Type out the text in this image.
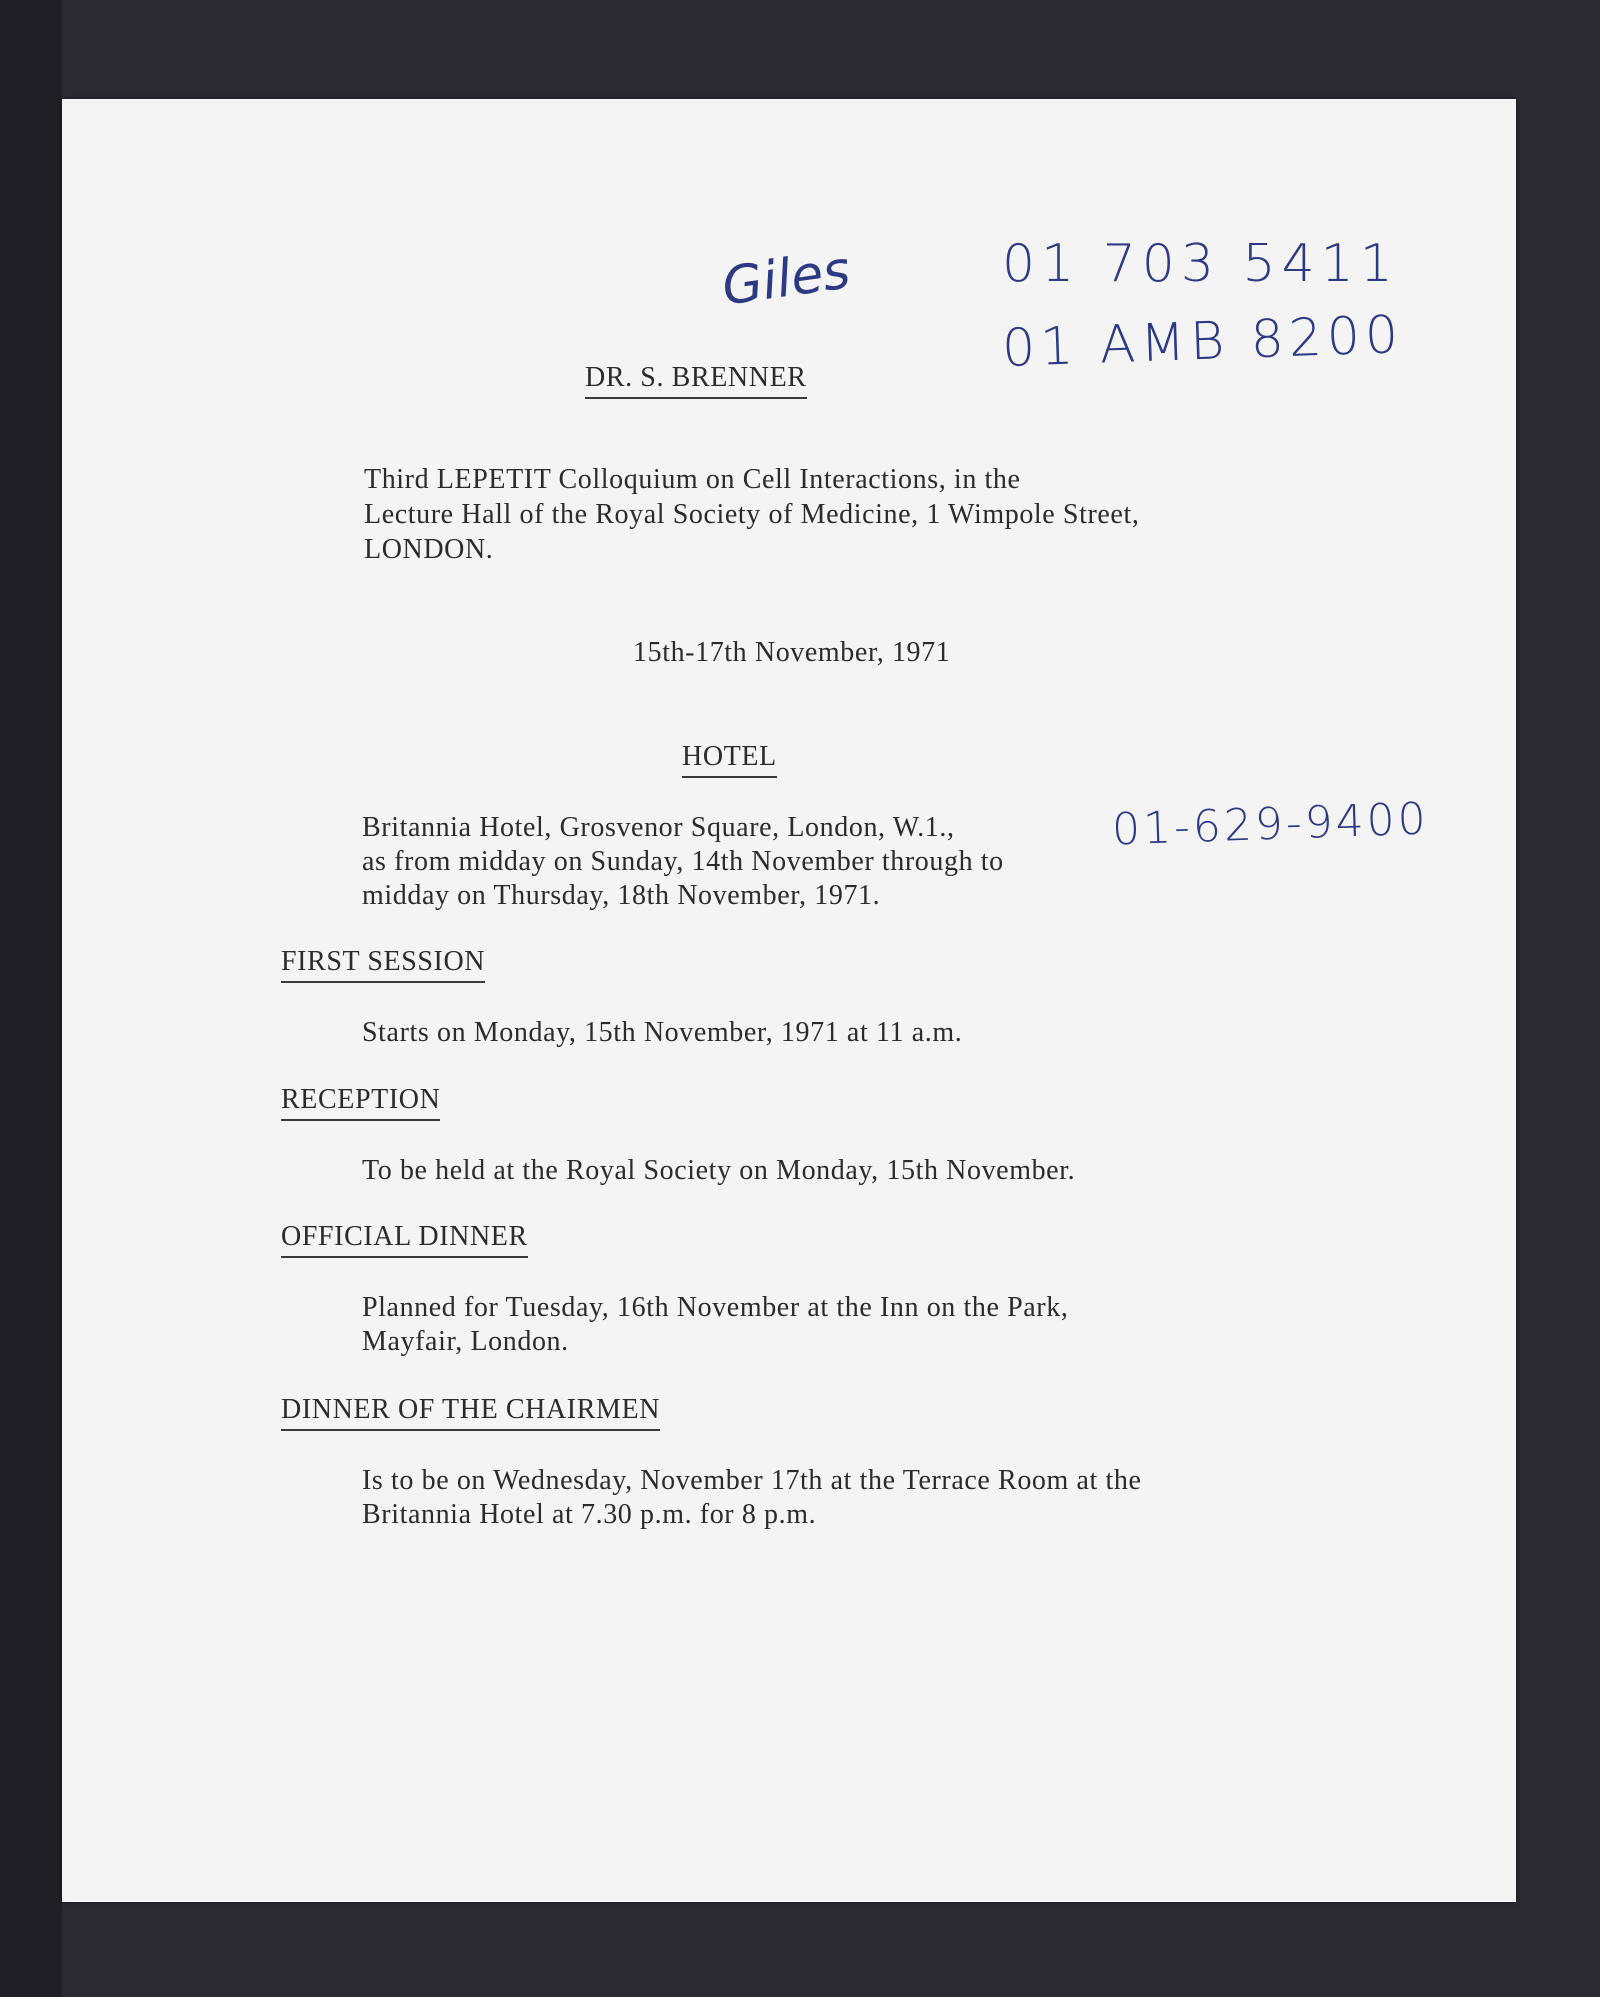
Giles	01 703 5411
01 AMB 8200
01-629-9400
DR. S. BRENNER
Third LEPETIT Colloquium on Cell Interactions, in the
Lecture Hall of the Royal Society of Medicine, 1 Wimpole Street,
LONDON.
15th-17th November, 1971
HOTEL
Britannia Hotel, Grosvenor Square, London, W.1.,
as from midday on Sunday, 14th November through to
midday on Thursday, 18th November, 1971.
FIRST SESSION
Starts on Monday, 15th November, 1971 at 11 a.m.
RECEPTION
To be held at the Royal Society on Monday, 15th November.
OFFICIAL DINNER
Planned for Tuesday, 16th November at the Inn on the Park,
Mayfair, London.
DINNER OF THE CHAIRMEN
Is to be on Wednesday, November 17th at the Terrace Room at the
Britannia Hotel at 7.30 p.m. for 8 p.m.
